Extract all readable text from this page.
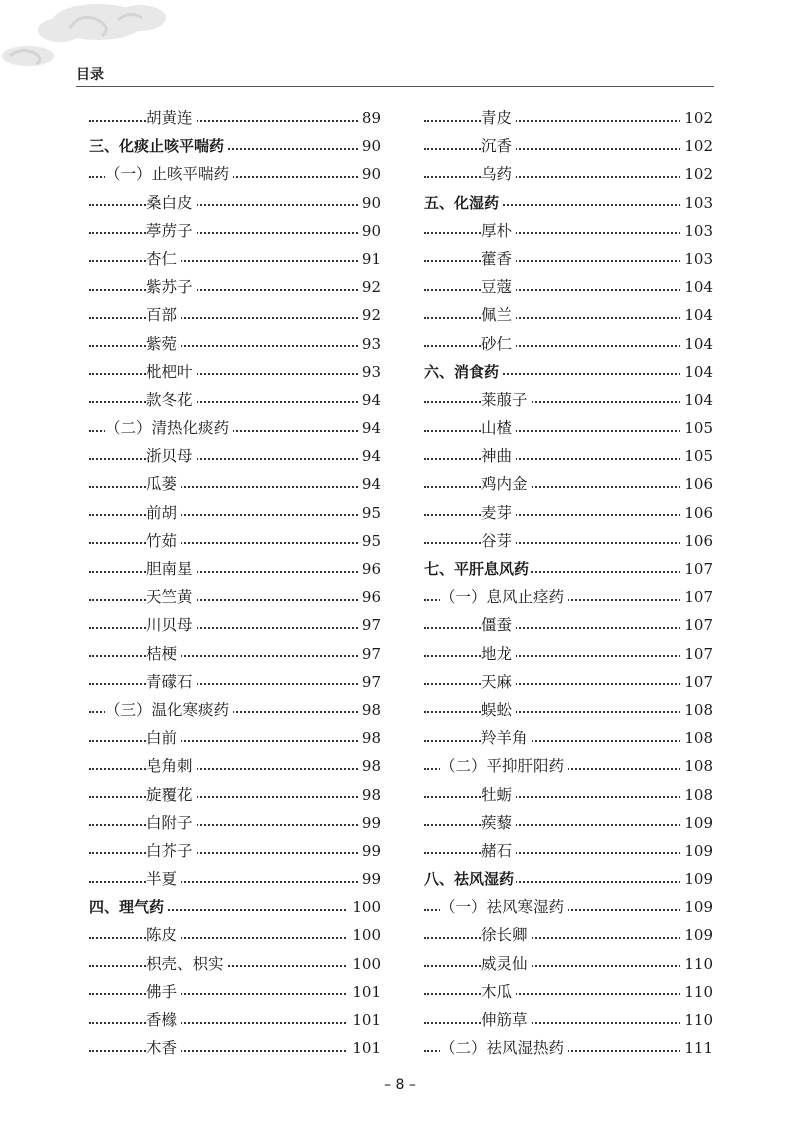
目录
胡黄连	89
三、化痰止咳平喘药	90
（一）止咳平喘药	90
桑白皮	90
葶苈子	90
杏仁	91
紫苏子	92
百部	92
紫菀	93
枇杷叶	93
款冬花	94
（二）清热化痰药	94
浙贝母	94
瓜蒌	94
前胡	95
竹茹	95
胆南星	96
天竺黄	96
川贝母	97
桔梗	97
青礞石	97
（三）温化寒痰药	98
白前	98
皂角刺	98
旋覆花	98
白附子	99
白芥子	99
半夏	99
四、理气药	100
陈皮	100
枳壳、枳实	100
佛手	101
香橼	101
木香	101
青皮	102
沉香	102
乌药	102
五、化湿药	103
厚朴	103
藿香	103
豆蔻	104
佩兰	104
砂仁	104
六、消食药	104
莱菔子	104
山楂	105
神曲	105
鸡内金	106
麦芽	106
谷芽	106
七、平肝息风药	107
（一）息风止痉药	107
僵蚕	107
地龙	107
天麻	107
蜈蚣	108
羚羊角	108
（二）平抑肝阳药	108
牡蛎	108
蒺藜	109
赭石	109
八、祛风湿药	109
（一）祛风寒湿药	109
徐长卿	109
威灵仙	110
木瓜	110
伸筋草	110
（二）祛风湿热药	111
– 8 –
